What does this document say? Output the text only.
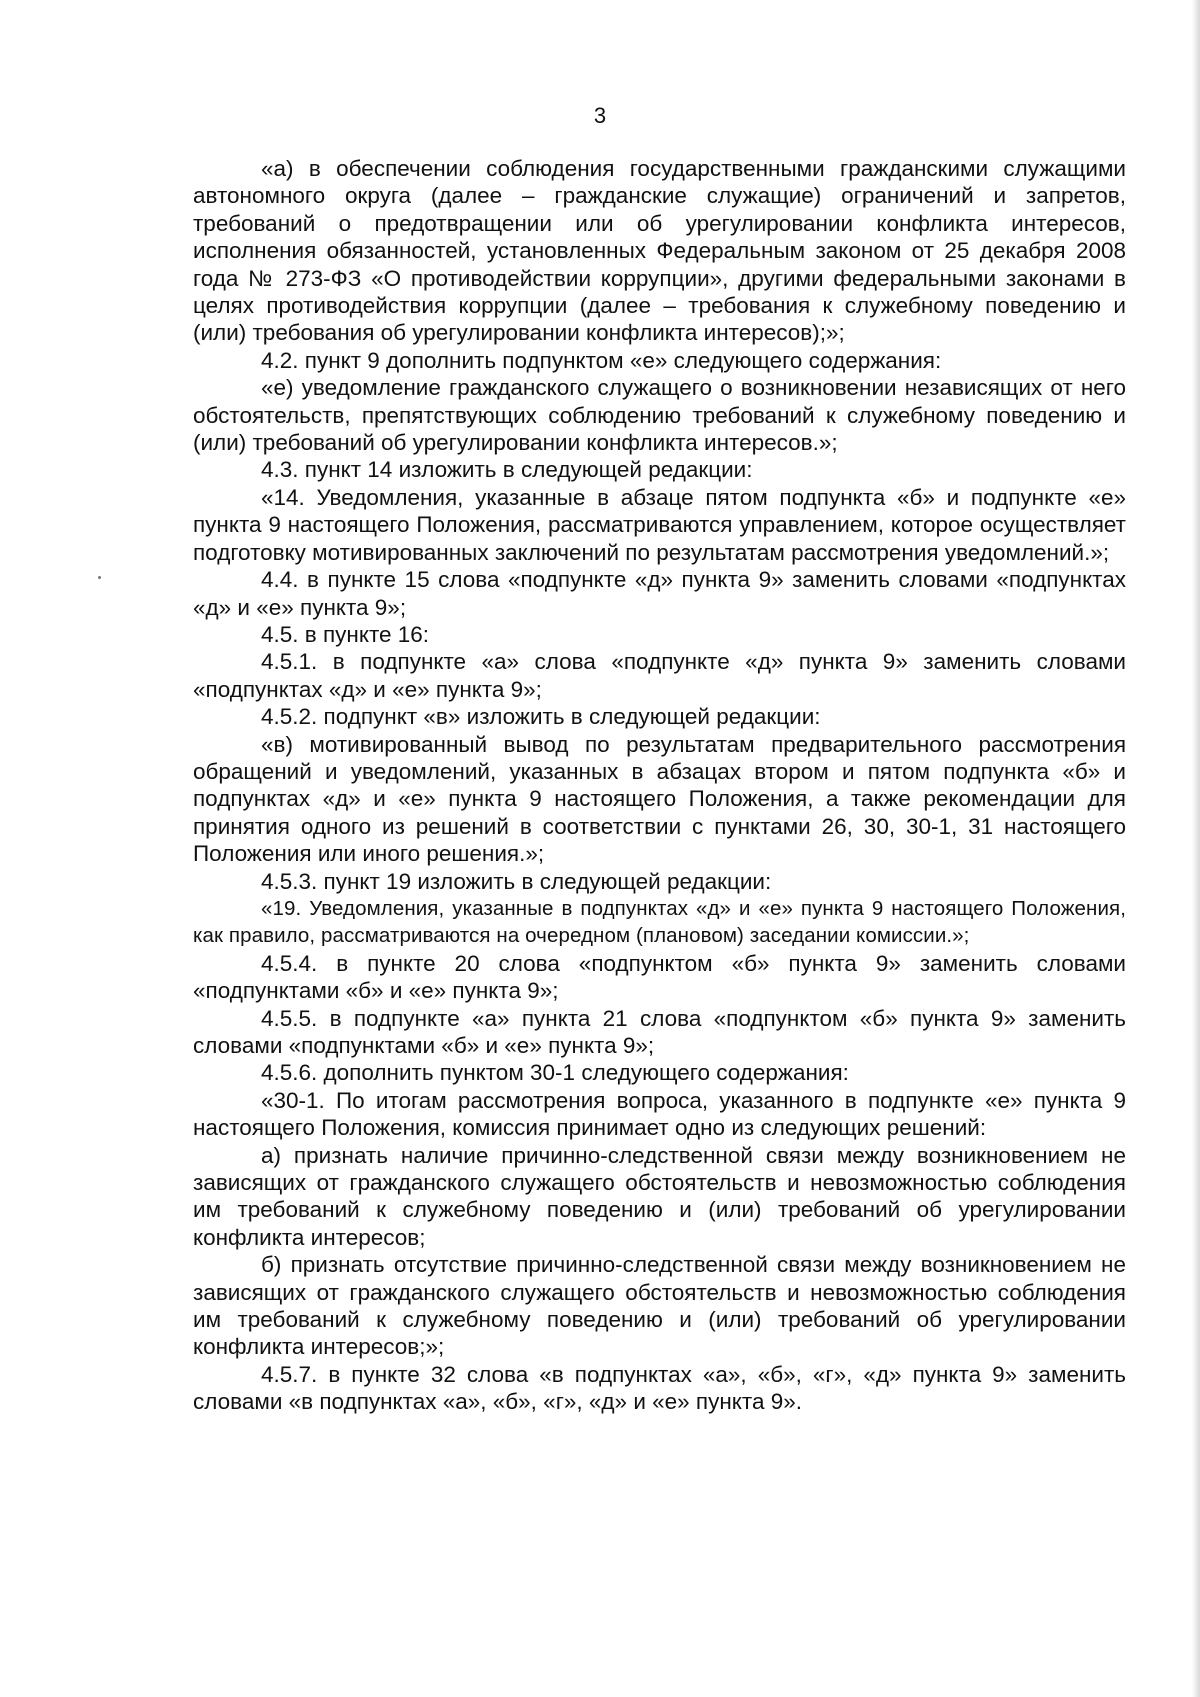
3

«а) в обеспечении соблюдения государственными гражданскими служащими автономного округа (далее – гражданские служащие) ограничений и запретов, требований о предотвращении или об урегулировании конфликта интересов, исполнения обязанностей, установленных Федеральным законом от 25 декабря 2008 года № 273-ФЗ «О противодействии коррупции», другими федеральными законами в целях противодействия коррупции (далее – требования к служебному поведению и (или) требования об урегулировании конфликта интересов);»;

4.2. пункт 9 дополнить подпунктом «е» следующего содержания:

«е) уведомление гражданского служащего о возникновении независящих от него обстоятельств, препятствующих соблюдению требований к служебному поведению и (или) требований об урегулировании конфликта интересов.»;

4.3. пункт 14 изложить в следующей редакции:

«14. Уведомления, указанные в абзаце пятом подпункта «б» и подпункте «е» пункта 9 настоящего Положения, рассматриваются управлением, которое осуществляет подготовку мотивированных заключений по результатам рассмотрения уведомлений.»;

4.4. в пункте 15 слова «подпункте «д» пункта 9» заменить словами «подпунктах «д» и «е» пункта 9»;

4.5. в пункте 16:

4.5.1. в подпункте «а» слова «подпункте «д» пункта 9» заменить словами «подпунктах «д» и «е» пункта 9»;

4.5.2. подпункт «в» изложить в следующей редакции:

«в) мотивированный вывод по результатам предварительного рассмотрения обращений и уведомлений, указанных в абзацах втором и пятом подпункта «б» и подпунктах «д» и «е» пункта 9 настоящего Положения, а также рекомендации для принятия одного из решений в соответствии с пунктами 26, 30, 30-1, 31 настоящего Положения или иного решения.»;

4.5.3. пункт 19 изложить в следующей редакции:

«19. Уведомления, указанные в подпунктах «д» и «е» пункта 9 настоящего Положения, как правило, рассматриваются на очередном (плановом) заседании комиссии.»;

4.5.4. в пункте 20 слова «подпунктом «б» пункта 9» заменить словами «подпунктами «б» и «е» пункта 9»;

4.5.5. в подпункте «а» пункта 21 слова «подпунктом «б» пункта 9» заменить словами «подпунктами «б» и «е» пункта 9»;

4.5.6. дополнить пунктом 30-1 следующего содержания:

«30-1. По итогам рассмотрения вопроса, указанного в подпункте «е» пункта 9 настоящего Положения, комиссия принимает одно из следующих решений:

а) признать наличие причинно-следственной связи между возникновением не зависящих от гражданского служащего обстоятельств и невозможностью соблюдения им требований к служебному поведению и (или) требований об урегулировании конфликта интересов;

б) признать отсутствие причинно-следственной связи между возникновением не зависящих от гражданского служащего обстоятельств и невозможностью соблюдения им требований к служебному поведению и (или) требований об урегулировании конфликта интересов;»;

4.5.7. в пункте 32 слова «в подпунктах «а», «б», «г», «д» пункта 9» заменить словами «в подпунктах «а», «б», «г», «д» и «е» пункта 9».
